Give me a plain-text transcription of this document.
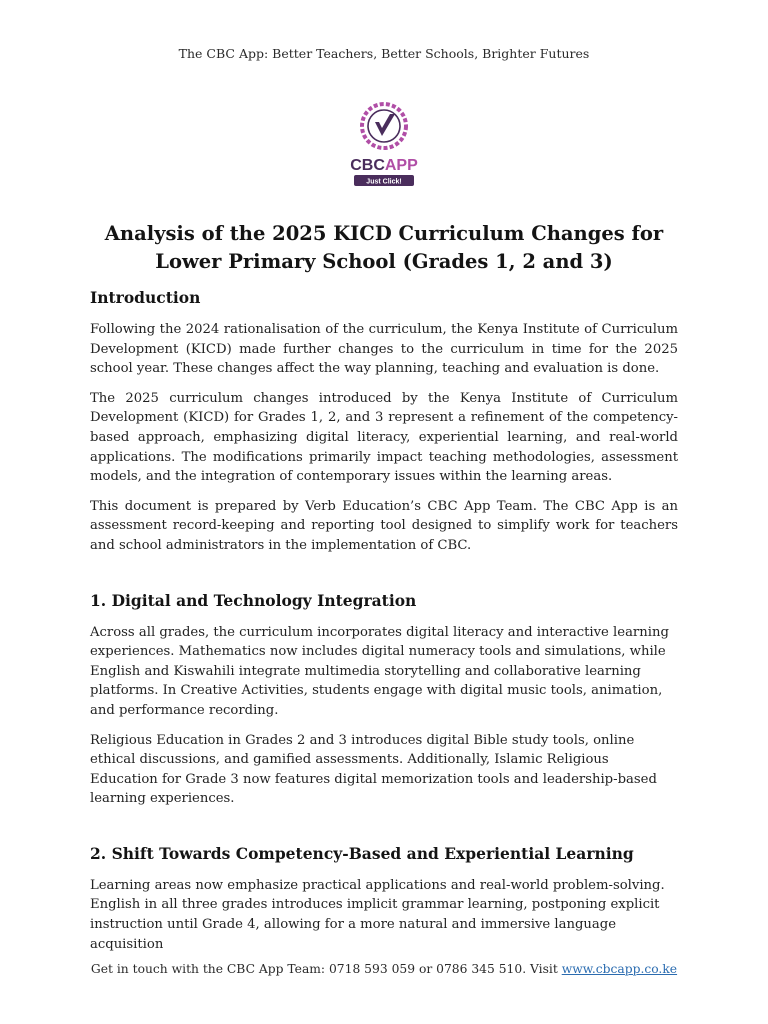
The CBC App: Better Teachers, Better Schools, Brighter Futures
CBCAPP
Just Click!
Analysis of the 2025 KICD Curriculum Changes for Lower Primary School (Grades 1, 2 and 3)
Introduction

Following the 2024 rationalisation of the curriculum, the Kenya Institute of Curriculum Development (KICD) made further changes to the curriculum in time for the 2025 school year. These changes affect the way planning, teaching and evaluation is done.

The 2025 curriculum changes introduced by the Kenya Institute of Curriculum Development (KICD) for Grades 1, 2, and 3 represent a refinement of the competency-based approach, emphasizing digital literacy, experiential learning, and real-world applications. The modifications primarily impact teaching methodologies, assessment models, and the integration of contemporary issues within the learning areas.

This document is prepared by Verb Education’s CBC App Team. The CBC App is an assessment record-keeping and reporting tool designed to simplify work for teachers and school administrators in the implementation of CBC.

1. Digital and Technology Integration

Across all grades, the curriculum incorporates digital literacy and interactive learning experiences. Mathematics now includes digital numeracy tools and simulations, while English and Kiswahili integrate multimedia storytelling and collaborative learning platforms. In Creative Activities, students engage with digital music tools, animation, and performance recording.

Religious Education in Grades 2 and 3 introduces digital Bible study tools, online ethical discussions, and gamified assessments. Additionally, Islamic Religious Education for Grade 3 now features digital memorization tools and leadership-based learning experiences.

2. Shift Towards Competency-Based and Experiential Learning

Learning areas now emphasize practical applications and real-world problem-solving. English in all three grades introduces implicit grammar learning, postponing explicit instruction until Grade 4, allowing for a more natural and immersive language acquisition

Get in touch with the CBC App Team: 0718 593 059 or 0786 345 510. Visit www.cbcapp.co.ke
